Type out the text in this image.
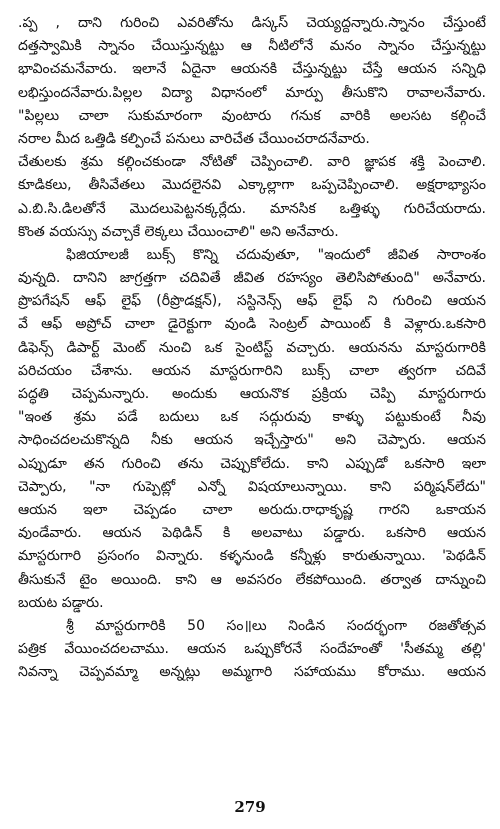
.ప్ప , దాని గురించి ఎవరితోను డిస్కస్ చెయ్యద్దన్నారు.స్నానం చేస్తుంటే
దత్తస్వామికి స్నానం చేయిస్తున్నట్టు ఆ నీటిలోనే మనం స్నానం చేస్తున్నట్టు
భావించమనేవారు. ఇలానే ఏదైనా ఆయనకి చేస్తున్నట్టు చేస్తే ఆయన సన్నిధి
లభిస్తుందనేవారు.పిల్లల విద్యా విధానంలో మార్పు తీసుకొని రావాలనేవారు.
"పిల్లలు చాలా సుకుమారంగా వుంటారు గనుక వారికి అలసట కల్గించే
నరాల మీద ఒత్తిడి కల్పించే పనులు వారిచేత చేయించరాదనేవారు.
చేతులకు శ్రమ కల్గించకుండా నోటితో చెప్పించాలి. వారి జ్ఞాపక శక్తి పెంచాలి.
కూడికలు, తీసివేతలు మొదలైనవి ఎక్కాల్లాగా ఒప్పచెప్పించాలి. అక్షరాభ్యాసం
ఎ.బి.సి.డిలతోనే మొదలుపెట్టనక్కర్లేదు. మానసిక ఒత్తిళ్ళు గురిచేయరాదు.
కొంత వయస్సు వచ్చాకే లెక్కలు చేయించాలి" అని అనేవారు.
ఫిజియాలజీ బుక్స్ కొన్ని చదువుతూ, "ఇందులో జీవిత సారాంశం
వున్నది. దానిని జాగ్రత్తగా చదివితే జీవిత రహస్యం తెలిసిపోతుంది" అనేవారు.
ప్రొపగేషన్ ఆఫ్ లైఫ్ (రీప్రొడక్షన్), సస్టినెన్స్ ఆఫ్ లైఫ్ ని గురించి ఆయన
వే ఆఫ్ అప్రోచ్ చాలా డైరెక్టుగా వుండి సెంట్రల్ పాయింట్ కి వెళ్లారు.ఒకసారి
డిఫెన్స్ డిపార్ట్ మెంట్ నుంచి ఒక సైంటిస్ట్ వచ్చారు. ఆయనను మాస్టరుగారికి
పరిచయం చేశాను. ఆయన మాస్టరుగారిని బుక్స్ చాలా త్వరగా చదివే
పద్ధతి చెప్పమన్నారు. అందుకు ఆయనొక ప్రక్రియ చెప్పి మాస్టరుగారు
"ఇంత శ్రమ పడే బదులు ఒక సద్గురువు కాళ్ళు పట్టుకుంటే నీవు
సాధించదలచుకొన్నది నీకు ఆయన ఇచ్చేస్తారు" అని చెప్పారు. ఆయన
ఎప్పుడూ తన గురించి తను చెప్పుకోలేదు. కాని ఎప్పుడో ఒకసారి ఇలా
చెప్పారు, "నా గుప్పెట్లో ఎన్నో విషయాలున్నాయి. కాని పర్మిషన్‌లేదు"
ఆయన ఇలా చెప్పడం చాలా అరుదు.రాధాకృష్ణ గారని ఒకాయన
వుండేవారు. ఆయన పెథిడిన్ కి అలవాటు పడ్డారు. ఒకసారి ఆయన
మాస్టరుగారి ప్రసంగం విన్నారు. కళ్ళనుండి కన్నీళ్లు కారుతున్నాయి. 'పెథడిన్
తీసుకునే టైం అయింది. కాని ఆ అవసరం లేకపోయింది. తర్వాత దాన్నుంచి
బయట పడ్డారు.
శ్రీ మాస్టరుగారికి 50 సం॥లు నిండిన సందర్భంగా రజతోత్సవ
పత్రిక వేయించదలచాము. ఆయన ఒప్పుకోరనే సందేహంతో 'సీతమ్మ తల్లి'
నివన్నా చెప్పవమ్మా అన్నట్లు అమ్మగారి సహాయము కోరాము. ఆయన
279
